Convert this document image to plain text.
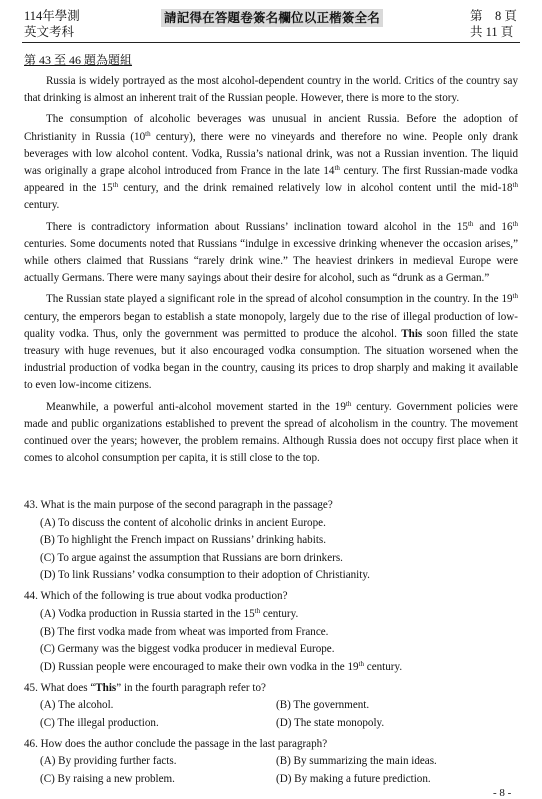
114年學測
英文考科
請記得在答題卷簽名欄位以正楷簽全名	第　8 頁
共 11 頁
第 43 至 46 題為題組

Russia is widely portrayed as the most alcohol-dependent country in the world. Critics of the country say that drinking is almost an inherent trait of the Russian people. However, there is more to the story.

The consumption of alcoholic beverages was unusual in ancient Russia. Before the adoption of Christianity in Russia (10th century), there were no vineyards and therefore no wine. People only drank beverages with low alcohol content. Vodka, Russia’s national drink, was not a Russian invention. The liquid was originally a grape alcohol introduced from France in the late 14th century. The first Russian-made vodka appeared in the 15th century, and the drink remained relatively low in alcohol content until the mid-18th century.

There is contradictory information about Russians’ inclination toward alcohol in the 15th and 16th centuries. Some documents noted that Russians “indulge in excessive drinking whenever the occasion arises,” while others claimed that Russians “rarely drink wine.” The heaviest drinkers in medieval Europe were actually Germans. There were many sayings about their desire for alcohol, such as “drunk as a German.”

The Russian state played a significant role in the spread of alcohol consumption in the country. In the 19th century, the emperors began to establish a state monopoly, largely due to the rise of illegal production of low-quality vodka. Thus, only the government was permitted to produce the alcohol. This soon filled the state treasury with huge revenues, but it also encouraged vodka consumption. The situation worsened when the industrial production of vodka began in the country, causing its prices to drop sharply and making it available to even low-income citizens.

Meanwhile, a powerful anti-alcohol movement started in the 19th century. Government policies were made and public organizations established to prevent the spread of alcoholism in the country. The movement continued over the years; however, the problem remains. Although Russia does not occupy first place when it comes to alcohol consumption per capita, it is still close to the top.

43. What is the main purpose of the second paragraph in the passage?
(A) To discuss the content of alcoholic drinks in ancient Europe.
(B) To highlight the French impact on Russians’ drinking habits.
(C) To argue against the assumption that Russians are born drinkers.
(D) To link Russians’ vodka consumption to their adoption of Christianity.
44. Which of the following is true about vodka production?
(A) Vodka production in Russia started in the 15th century.
(B) The first vodka made from wheat was imported from France.
(C) Germany was the biggest vodka producer in medieval Europe.
(D) Russian people were encouraged to make their own vodka in the 19th century.
45. What does “This” in the fourth paragraph refer to?
(A) The alcohol.	(B) The government.
(C) The illegal production.	(D) The state monopoly.
46. How does the author conclude the passage in the last paragraph?
(A) By providing further facts.	(B) By summarizing the main ideas.
(C) By raising a new problem.	(D) By making a future prediction.
- 8 -
